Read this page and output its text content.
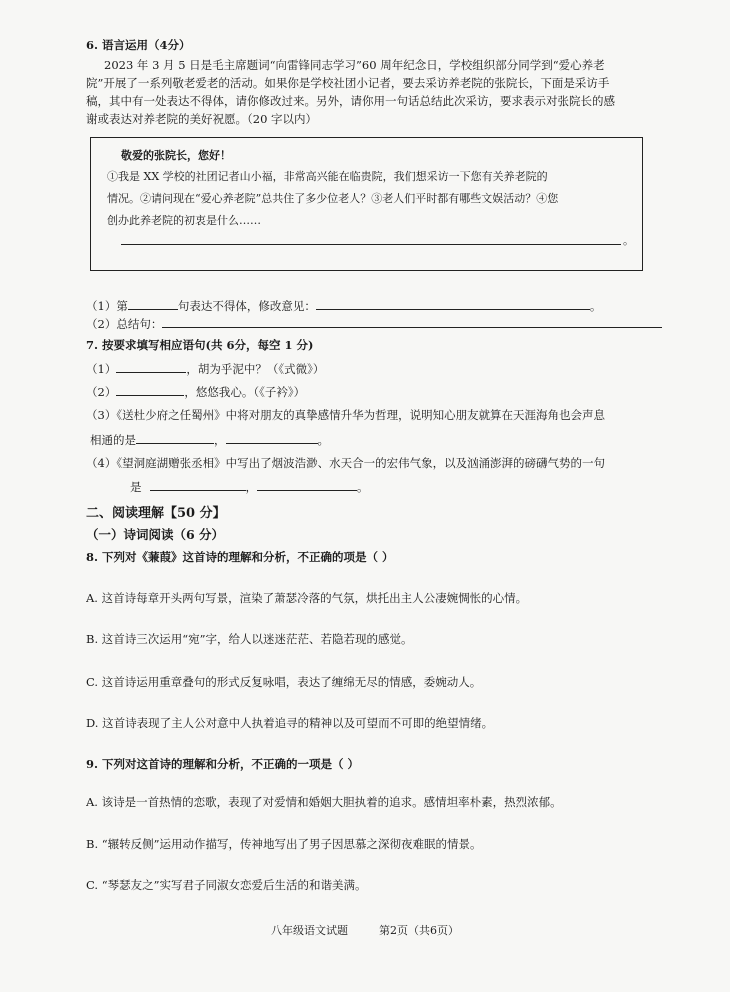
6. 语言运用（4分）
2023 年 3 月 5 日是毛主席题词“向雷锋同志学习”60 周年纪念日，学校组织部分同学到“爱心养老
院”开展了一系列敬老爱老的活动。如果你是学校社团小记者，要去采访养老院的张院长，下面是采访手
稿，其中有一处表达不得体，请你修改过来。另外，请你用一句话总结此次采访，要求表示对张院长的感
谢或表达对养老院的美好祝愿。（20 字以内）
敬爱的张院长，您好！
①我是 XX 学校的社团记者山小福，非常高兴能在临贵院，我们想采访一下您有关养老院的
情况。②请问现在“爱心养老院”总共住了多少位老人？③老人们平时都有哪些文娱活动？④您
创办此养老院的初衷是什么……
。
（1）第	句表达不得体，修改意见：	。
（2）总结句：
7. 按要求填写相应语句(共 6分，每空 1 分)
（1）	，胡为乎泥中？（《式微》）
（2）	，悠悠我心。（《子衿》）
（3）《送杜少府之任蜀州》中将对朋友的真挚感情升华为哲理，说明知心朋友就算在天涯海角也会声息
相通的是	，	。
（4）《望洞庭湖赠张丞相》中写出了烟波浩渺、水天合一的宏伟气象，以及汹涌澎湃的磅礴气势的一句
是	，	。
二、阅读理解【50 分】
（一）诗词阅读（6 分）
8. 下列对《蒹葭》这首诗的理解和分析，不正确的项是（ ）
A. 这首诗每章开头两句写景，渲染了萧瑟冷落的气氛，烘托出主人公凄婉惆怅的心情。
B. 这首诗三次运用“宛”字，给人以迷迷茫茫、若隐若现的感觉。
C. 这首诗运用重章叠句的形式反复咏唱，表达了缠绵无尽的情感，委婉动人。
D. 这首诗表现了主人公对意中人执着追寻的精神以及可望而不可即的绝望情绪。
9. 下列对这首诗的理解和分析，不正确的一项是（ ）
A. 该诗是一首热情的恋歌，表现了对爱情和婚姻大胆执着的追求。感情坦率朴素，热烈浓郁。
B. “辗转反侧”运用动作描写，传神地写出了男子因思慕之深彻夜难眠的情景。
C. “琴瑟友之”实写君子同淑女恋爱后生活的和谐美满。
八年级语文试题	第2页（共6页）
